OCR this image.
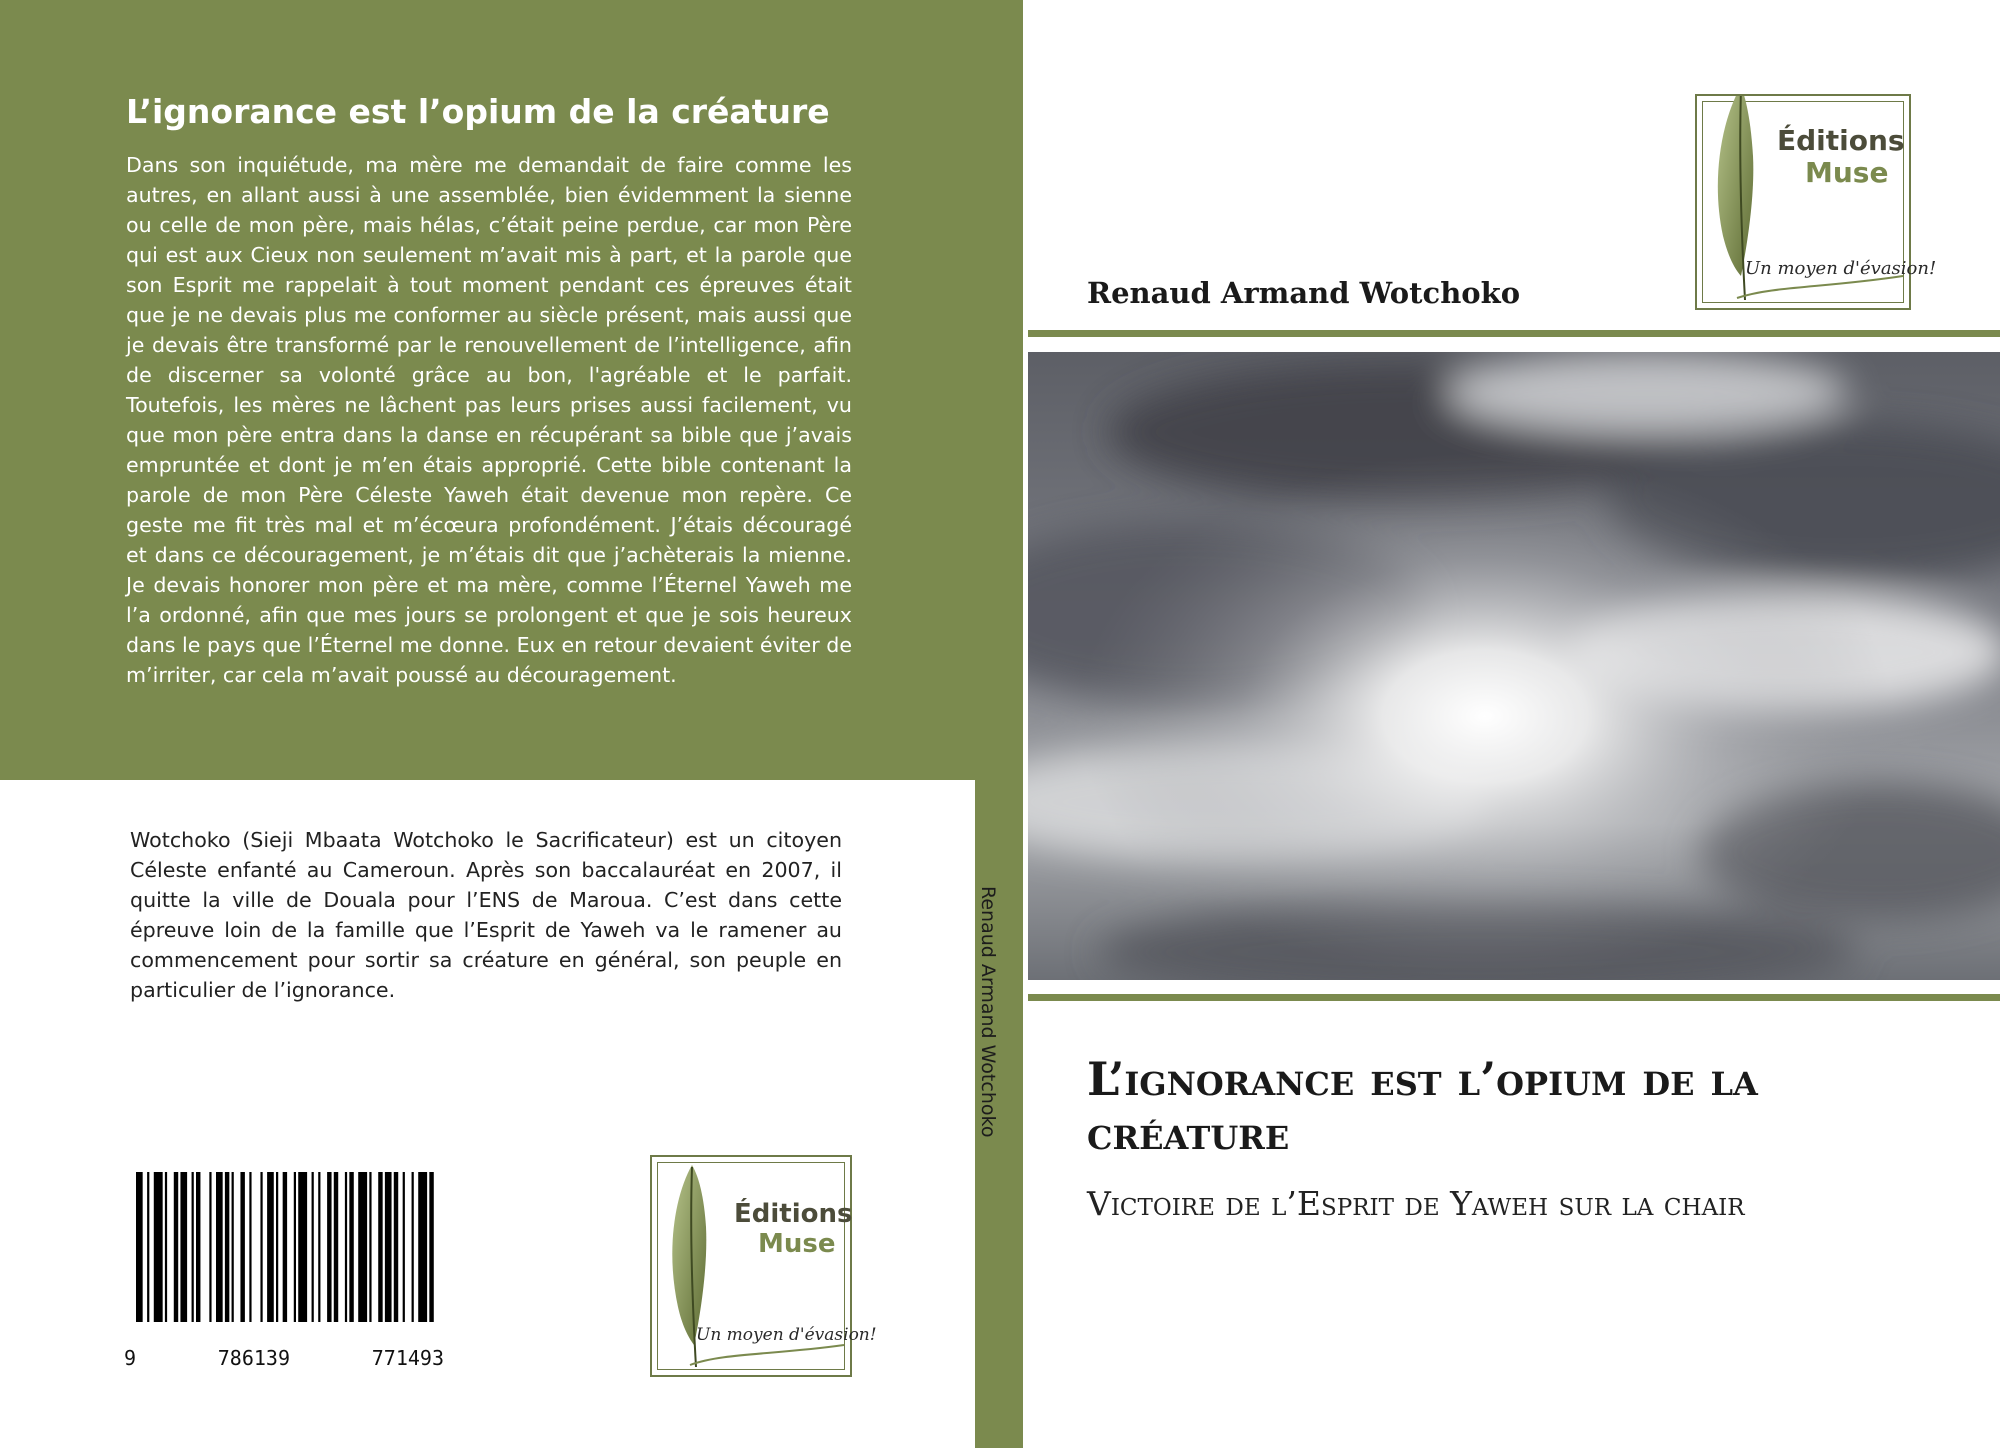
L’ignorance est l’opium de la créature

Dans son inquiétude, ma mère me demandait de faire comme les autres, en allant aussi à une assemblée, bien évidemment la sienne ou celle de mon père, mais hélas, c’était peine perdue, car mon Père qui est aux Cieux non seulement m’avait mis à part, et la parole que son Esprit me rappelait à tout moment pendant ces épreuves était que je ne devais plus me conformer au siècle présent, mais aussi que je devais être transformé par le renouvellement de l’intelligence, afin de discerner sa volonté grâce au bon, l'agréable et le parfait. Toutefois, les mères ne lâchent pas leurs prises aussi facilement, vu que mon père entra dans la danse en récupérant sa bible que j’avais empruntée et dont je m’en étais approprié. Cette bible contenant la parole de mon Père Céleste Yaweh était devenue mon repère. Ce geste me fit très mal et m’écœura profondément. J’étais découragé et dans ce découragement, je m’étais dit que j’achèterais la mienne. Je devais honorer mon père et ma mère, comme l’Éternel Yaweh me l’a ordonné, afin que mes jours se prolongent et que je sois heureux dans le pays que l’Éternel me donne. Eux en retour devaient éviter de m’irriter, car cela m’avait poussé au découragement.

Wotchoko (Sieji Mbaata Wotchoko le Sacrificateur) est un citoyen Céleste enfanté au Cameroun. Après son baccalauréat en 2007, il quitte la ville de Douala pour l’ENS de Maroua. C’est dans cette épreuve loin de la famille que l’Esprit de Yaweh va le ramener au commencement pour sortir sa créature en général, son peuple en particulier de l’ignorance.

9	786139	771493
Éditions
Muse
Un moyen d'évasion!
Renaud Armand Wotchoko
Éditions
Muse
Un moyen d'évasion!
Renaud Armand Wotchoko
L’ignorance est l’opium de la créature

Victoire de l’Esprit de Yaweh sur la chair
